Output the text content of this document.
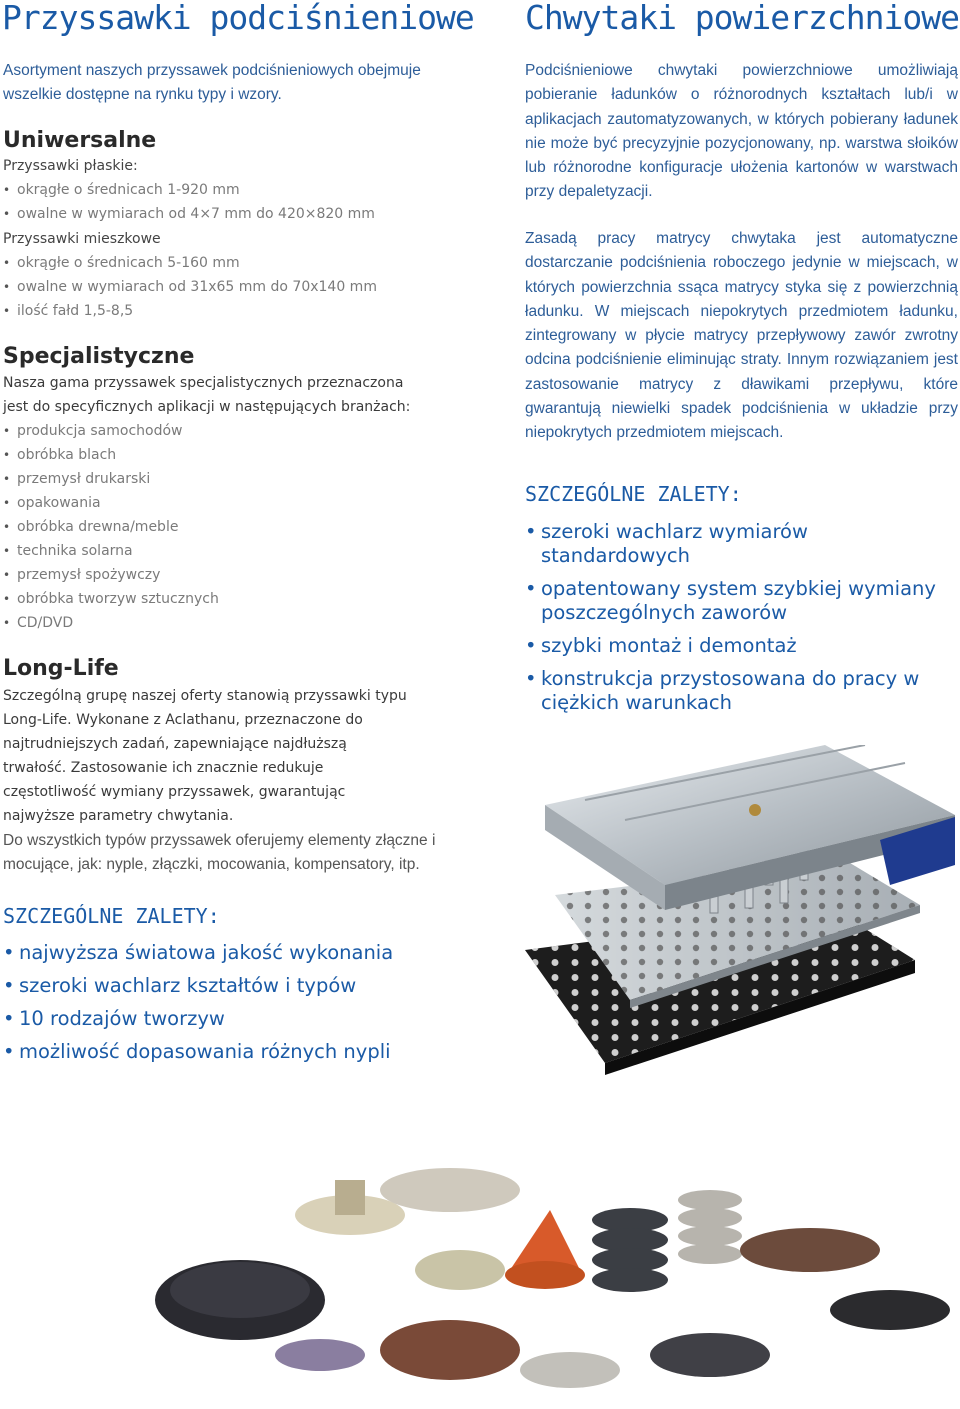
Przyssawki podciśnieniowe
Asortyment naszych przyssawek podciśnieniowych obejmuje wszelkie dostępne na rynku typy i wzory.
Uniwersalne
Przyssawki płaskie:
• okrągłe o średnicach 1-920 mm
• owalne w wymiarach od 4×7 mm do 420×820 mm
Przyssawki mieszkowe
• okrągłe o średnicach 5-160 mm
• owalne w wymiarach od 31x65 mm do 70x140 mm
• ilość fałd 1,5-8,5
Specjalistyczne
Nasza gama przyssawek specjalistycznych przeznaczona jest do specyficznych aplikacji w następujących branżach:
• produkcja samochodów
• obróbka blach
• przemysł drukarski
• opakowania
• obróbka drewna/meble
• technika solarna
• przemysł spożywczy
• obróbka tworzyw sztucznych
• CD/DVD
Long-Life
Szczególną grupę naszej oferty stanowią przyssawki typu Long-Life. Wykonane z Aclathanu, przeznaczone do najtrudniejszych zadań, zapewniające najdłuższą trwałość. Zastosowanie ich znacznie redukuje częstotliwość wymiany przyssawek, gwarantując najwyższe parametry chwytania.
Do wszystkich typów przyssawek oferujemy elementy złączne i mocujące, jak: nyple, złączki, mocowania, kompensatory, itp.
SZCZEGÓLNE ZALETY:
• najwyższa światowa jakość wykonania
• szeroki wachlarz kształtów i typów
• 10 rodzajów tworzyw
• możliwość dopasowania różnych nypli
Chwytaki powierzchniowe
Podciśnieniowe chwytaki powierzchniowe umożliwiają pobieranie ładunków o różnorodnych kształtach lub/i w aplikacjach zautomatyzowanych, w których pobierany ładunek nie może być precyzyjnie pozycjonowany, np. warstwa słoików lub różnorodne konfiguracje ułożenia kartonów w warstwach przy depaletyzacji.
Zasadą pracy matrycy chwytaka jest automatyczne dostarczanie podciśnienia roboczego jedynie w miejscach, w których powierzchnia ssąca matrycy styka się z powierzchnią ładunku. W miejscach niepokrytych przedmiotem ładunku, zintegrowany w płycie matrycy przepływowy zawór zwrotny odcina podciśnienie eliminując straty. Innym rozwiązaniem jest zastosowanie matrycy z dławikami przepływu, które gwarantują niewielki spadek podciśnienia w układzie przy niepokrytych przedmiotem miejscach.
SZCZEGÓLNE ZALETY:
• szeroki wachlarz wymiarów standardowych
• opatentowany system szybkiej wymiany poszczególnych zaworów
• szybki montaż i demontaż
• konstrukcja przystosowana do pracy w ciężkich warunkach
